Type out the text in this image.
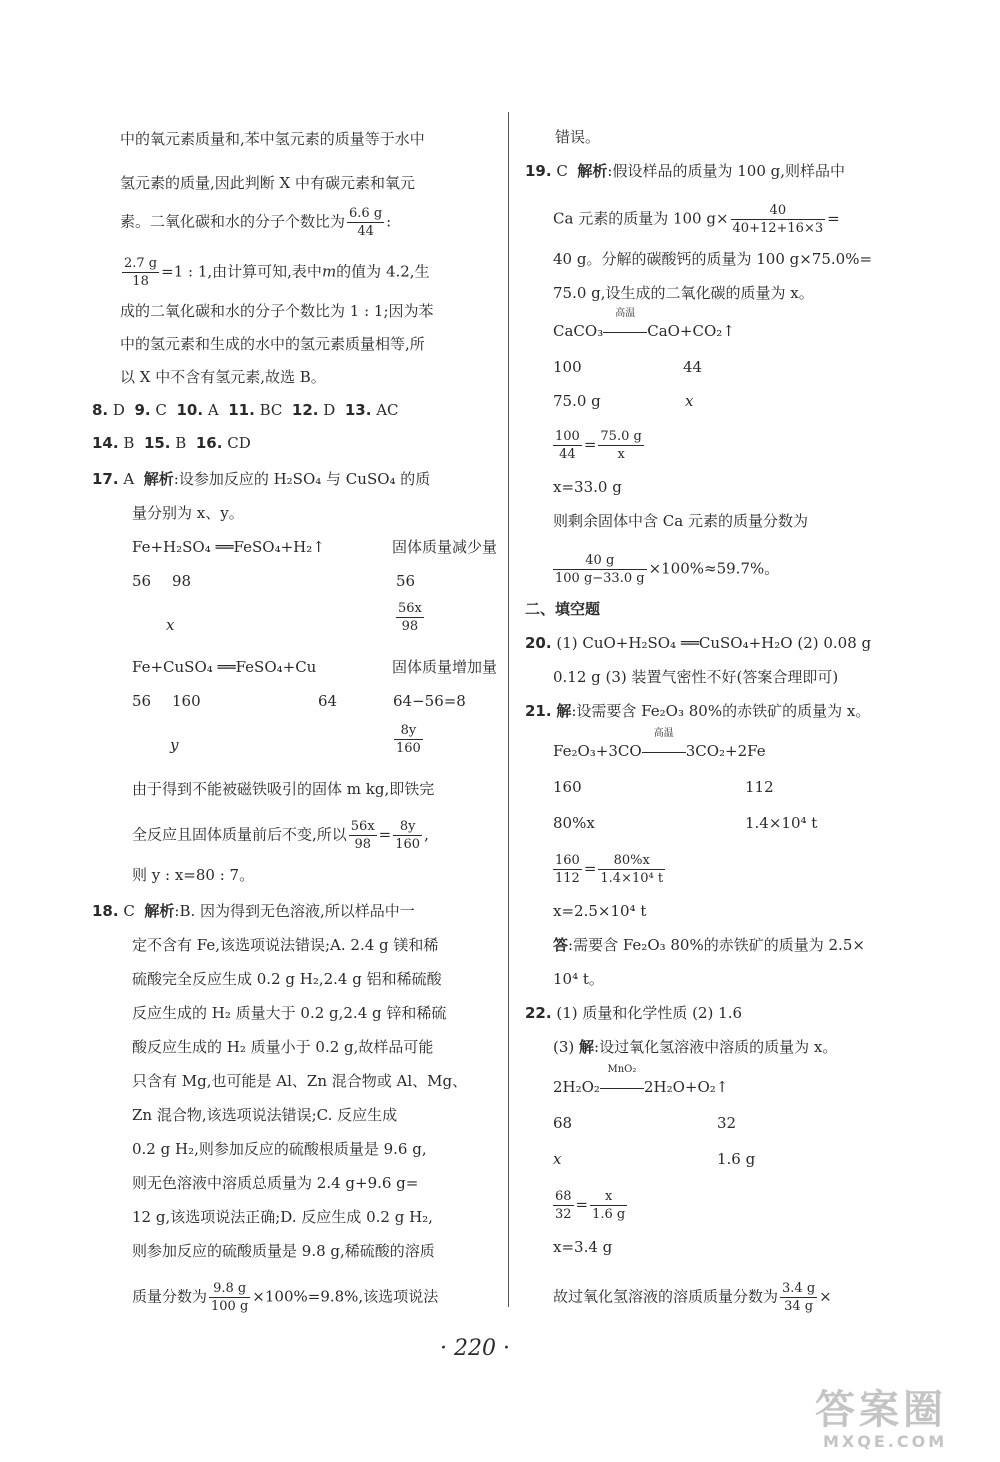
中的氧元素质量和,苯中氢元素的质量等于水中
氢元素的质量,因此判断 X 中有碳元素和氧元
素。二氧化碳和水的分子个数比为 $\frac{6.6 g}{44}$ :
$\frac{2.7 g}{18} =1$ : 1,由计算可知,表中m的值为 4.2,生
成的二氧化碳和水的分子个数比为 1 : 1;因为苯
中的氢元素和生成的水中的氢元素质量相等,所
以 X 中不含有氢元素,故选 B。
8. D 9. C 10. A 11. BC 12. D 13. AC
14. B 15. B 16. CD
17. A 解析:设参加反应的 H₂SO₄ 与 CuSO₄ 的质
量分别为 x、y。
Fe+H₂SO₄ ══FeSO₄+H₂↑	固体质量减少量
56 98	56
x	$\frac{56x}{98}$
Fe+CuSO₄ ══FeSO₄+Cu	固体质量增加量
56 160	64	64−56=8
y	$\frac{8y}{160}$
由于得到不能被磁铁吸引的固体 m kg,即铁完
全反应且固体质量前后不变,所以 $\frac{56x}{98} = \frac{8y}{160}$ ,
则 y : x=80 : 7。
18. C 解析:B. 因为得到无色溶液,所以样品中一
定不含有 Fe,该选项说法错误;A. 2.4 g 镁和稀
硫酸完全反应生成 0.2 g H₂,2.4 g 铝和稀硫酸
反应生成的 H₂ 质量大于 0.2 g,2.4 g 锌和稀硫
酸反应生成的 H₂ 质量小于 0.2 g,故样品可能
只含有 Mg,也可能是 Al、Zn 混合物或 Al、Mg、
Zn 混合物,该选项说法错误;C. 反应生成
0.2 g H₂,则参加反应的硫酸根质量是 9.6 g,
则无色溶液中溶质总质量为 2.4 g+9.6 g=
12 g,该选项说法正确;D. 反应生成 0.2 g H₂,
则参加反应的硫酸质量是 9.8 g,稀硫酸的溶质
质量分数为 $\frac{9.8 g}{100 g} \times 100\%=9.8\%$,该选项说法
错误。
19. C 解析:假设样品的质量为 100 g,则样品中
Ca 元素的质量为 100 $g\times \frac{40}{40+12+16\times 3}$ =
40 g。分解的碳酸钙的质量为 100 g×75.0%=
75.0 g,设生成的二氧化碳的质量为 x。
CaCO₃
高温
CaO+CO₂↑
100	44
75.0 g	x
$\frac{100}{44} = \frac{75.0 g}{x}$
x=33.0 g
则剩余固体中含 Ca 元素的质量分数为
$\frac{40 g}{100 g-33.0 g} \times 100\%\approx 59.7\%$。
二、填空题
20. (1) CuO+H₂SO₄ ══CuSO₄+H₂O (2) 0.08 g
0.12 g (3) 装置气密性不好(答案合理即可)
21. 解:设需要含 Fe₂O₃ 80%的赤铁矿的质量为 x。
Fe₂O₃+3CO
高温
3CO₂+2Fe
160	112
80%x	1.4×10⁴ t
$\frac{160}{112} = \frac{80\%x}{\text{1.4×10⁴ t}}$
x=2.5×10⁴ t
答:需要含 Fe₂O₃ 80%的赤铁矿的质量为 2.5×
10⁴ t。
22. (1) 质量和化学性质 (2) 1.6
(3) 解:设过氧化氢溶液中溶质的质量为 x。
2H₂O₂
MnO₂
2H₂O+O₂↑
68	32
x	1.6 g
$\frac{68}{32} = \frac{x}{1.6 g}$
x=3.4 g
故过氧化氢溶液的溶质质量分数为 $\frac{3.4 g}{34 g}$ ×
· 220 ·
答案圈
MXQE.COM
